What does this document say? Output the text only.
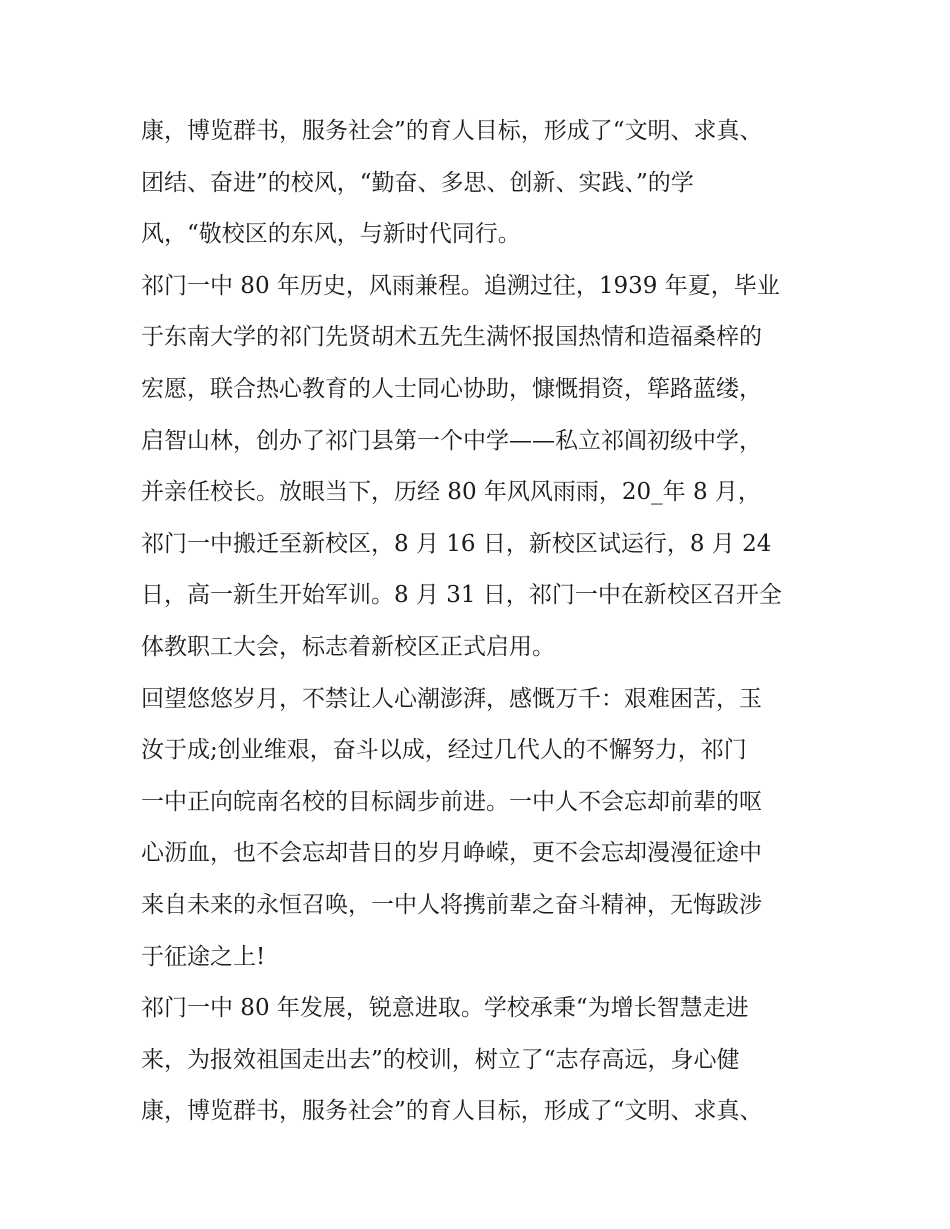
康，博览群书，服务社会”的育人目标，形成了“文明、求真、
团结、奋进”的校风，“勤奋、多思、创新、实践、”的学
风，“敬校区的东风，与新时代同行。
祁门一中 80 年历史，风雨兼程。追溯过往，1939 年夏，毕业
于东南大学的祁门先贤胡术五先生满怀报国热情和造福桑梓的
宏愿，联合热心教育的人士同心协助，慷慨捐资，筚路蓝缕，
启智山林，创办了祁门县第一个中学——私立祁阊初级中学，
并亲任校长。放眼当下，历经 80 年风风雨雨，20_年 8 月，
祁门一中搬迁至新校区，8 月 16 日，新校区试运行，8 月 24
日，高一新生开始军训。8 月 31 日，祁门一中在新校区召开全
体教职工大会，标志着新校区正式启用。
回望悠悠岁月，不禁让人心潮澎湃，感慨万千：艰难困苦，玉
汝于成;创业维艰，奋斗以成，经过几代人的不懈努力，祁门
一中正向皖南名校的目标阔步前进。一中人不会忘却前辈的呕
心沥血，也不会忘却昔日的岁月峥嵘，更不会忘却漫漫征途中
来自未来的永恒召唤，一中人将携前辈之奋斗精神，无悔跋涉
于征途之上!
祁门一中 80 年发展，锐意进取。学校承秉“为增长智慧走进
来，为报效祖国走出去”的校训，树立了“志存高远，身心健
康，博览群书，服务社会”的育人目标，形成了“文明、求真、
